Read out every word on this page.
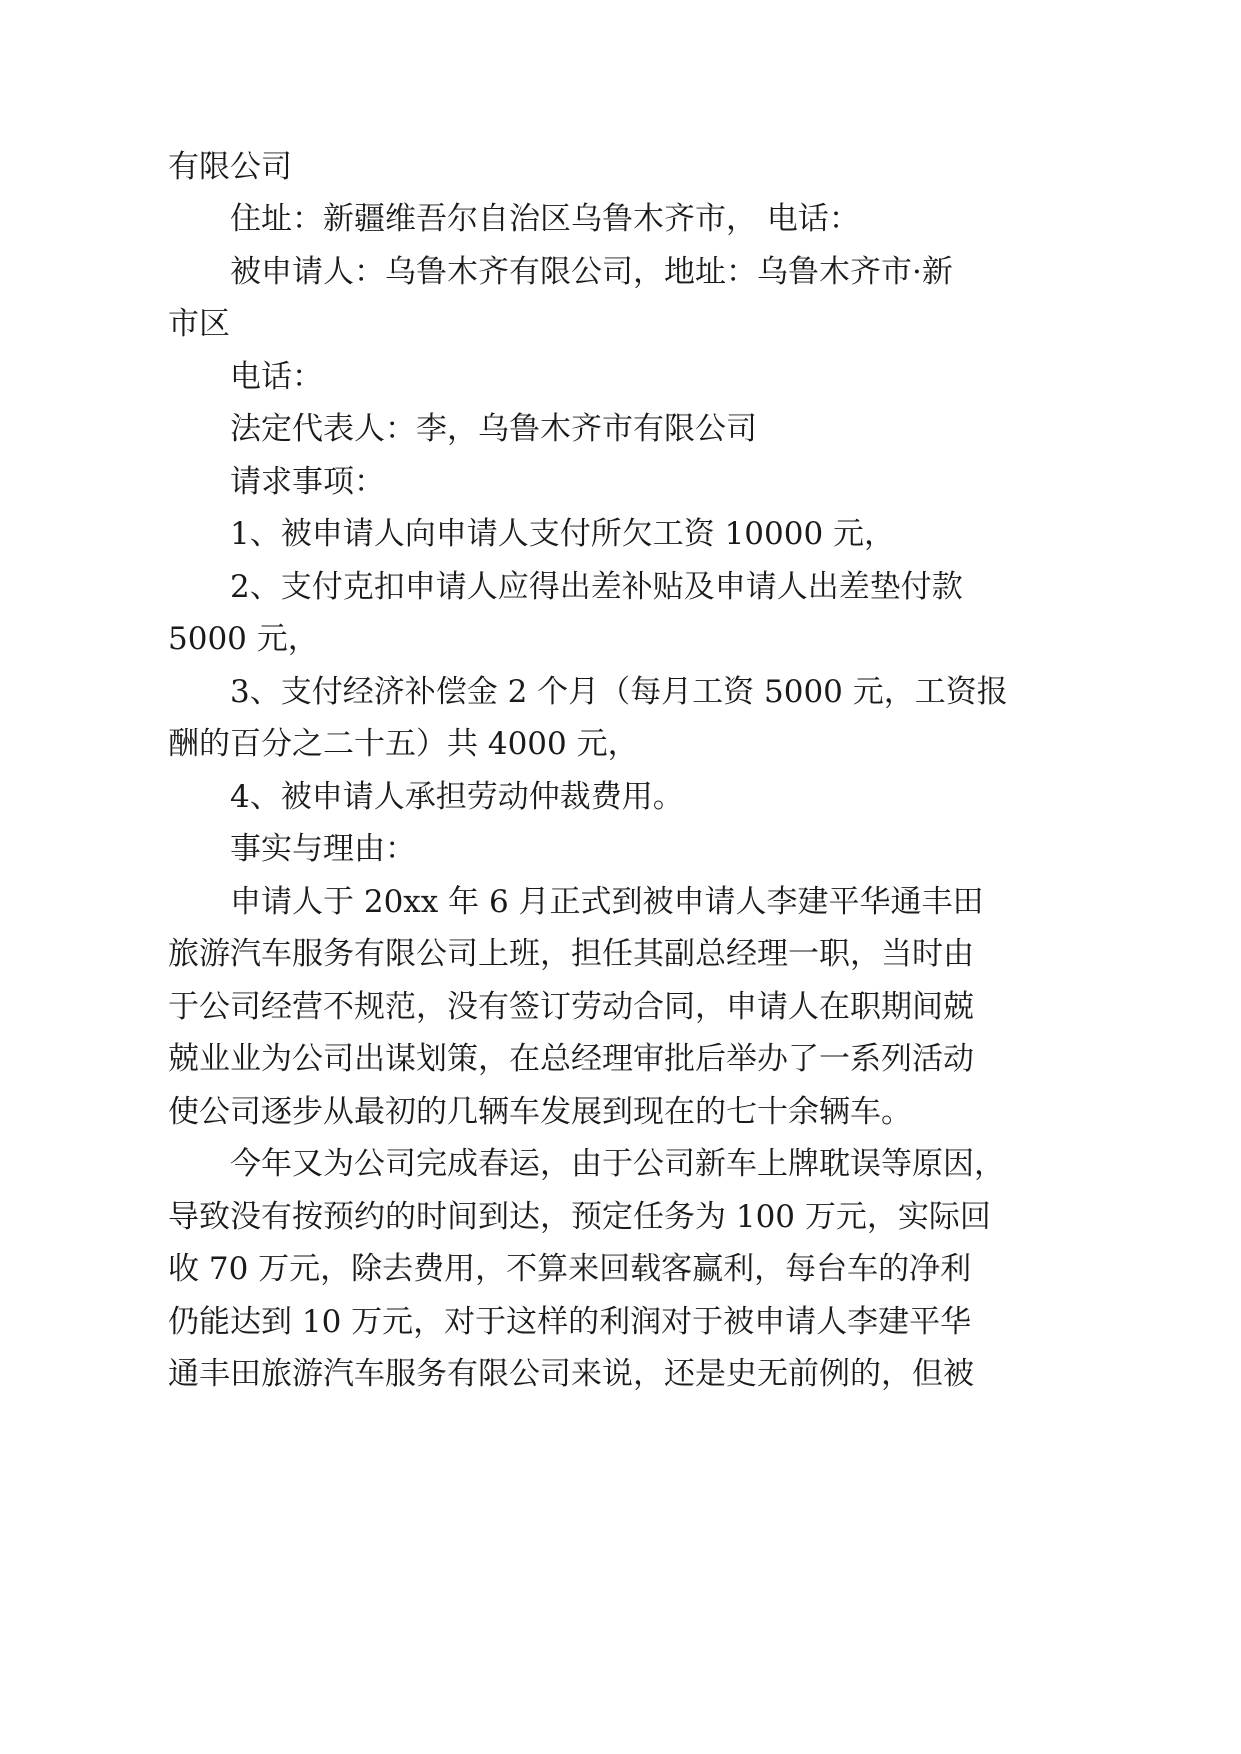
有限公司
住址：新疆维吾尔自治区乌鲁木齐市， 电话：
被申请人：乌鲁木齐有限公司，地址：乌鲁木齐市·新
市区
电话：
法定代表人：李，乌鲁木齐市有限公司
请求事项：
1、被申请人向申请人支付所欠工资 10000 元，
2、支付克扣申请人应得出差补贴及申请人出差垫付款
5000 元，
3、支付经济补偿金 2 个月（每月工资 5000 元，工资报
酬的百分之二十五）共 4000 元，
4、被申请人承担劳动仲裁费用。
事实与理由：
申请人于 20xx 年 6 月正式到被申请人李建平华通丰田
旅游汽车服务有限公司上班，担任其副总经理一职，当时由
于公司经营不规范，没有签订劳动合同，申请人在职期间兢
兢业业为公司出谋划策，在总经理审批后举办了一系列活动
使公司逐步从最初的几辆车发展到现在的七十余辆车。
今年又为公司完成春运，由于公司新车上牌耽误等原因，
导致没有按预约的时间到达，预定任务为 100 万元，实际回
收 70 万元，除去费用，不算来回载客赢利，每台车的净利
仍能达到 10 万元，对于这样的利润对于被申请人李建平华
通丰田旅游汽车服务有限公司来说，还是史无前例的，但被
